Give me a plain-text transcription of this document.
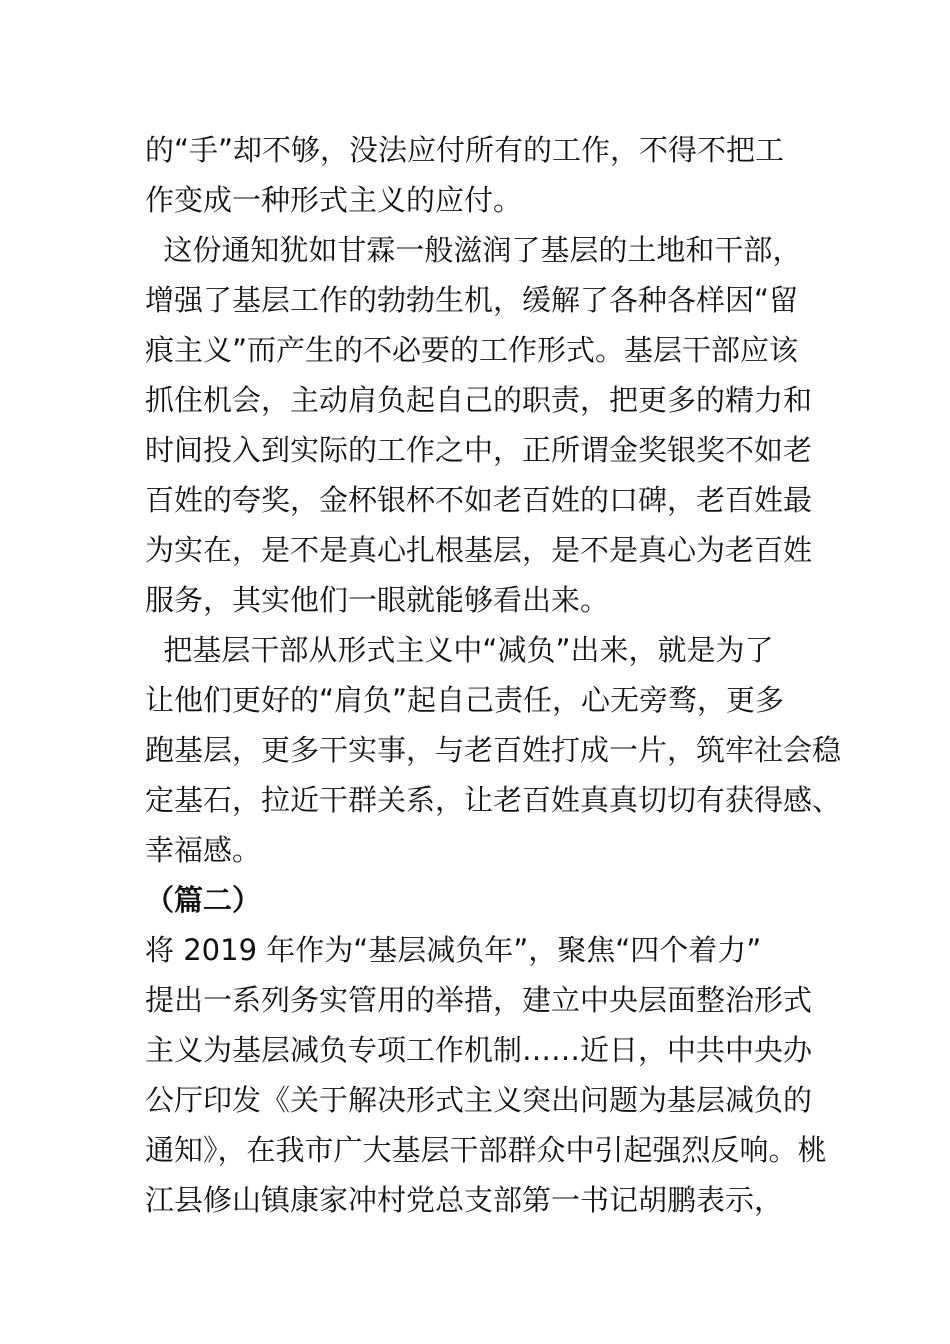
的“手”却不够，没法应付所有的工作，不得不把工
作变成一种形式主义的应付。
这份通知犹如甘霖一般滋润了基层的土地和干部，
增强了基层工作的勃勃生机，缓解了各种各样因“留
痕主义”而产生的不必要的工作形式。基层干部应该
抓住机会，主动肩负起自己的职责，把更多的精力和
时间投入到实际的工作之中，正所谓金奖银奖不如老
百姓的夸奖，金杯银杯不如老百姓的口碑，老百姓最
为实在，是不是真心扎根基层，是不是真心为老百姓
服务，其实他们一眼就能够看出来。
把基层干部从形式主义中“减负”出来，就是为了
让他们更好的“肩负”起自己责任，心无旁骛，更多
跑基层，更多干实事，与老百姓打成一片，筑牢社会稳
定基石，拉近干群关系，让老百姓真真切切有获得感、
幸福感。
（篇二）
将 2019 年作为“基层减负年”，聚焦“四个着力”
提出一系列务实管用的举措，建立中央层面整治形式
主义为基层减负专项工作机制……近日，中共中央办
公厅印发《关于解决形式主义突出问题为基层减负的
通知》，在我市广大基层干部群众中引起强烈反响。桃
江县修山镇康家冲村党总支部第一书记胡鹏表示，
